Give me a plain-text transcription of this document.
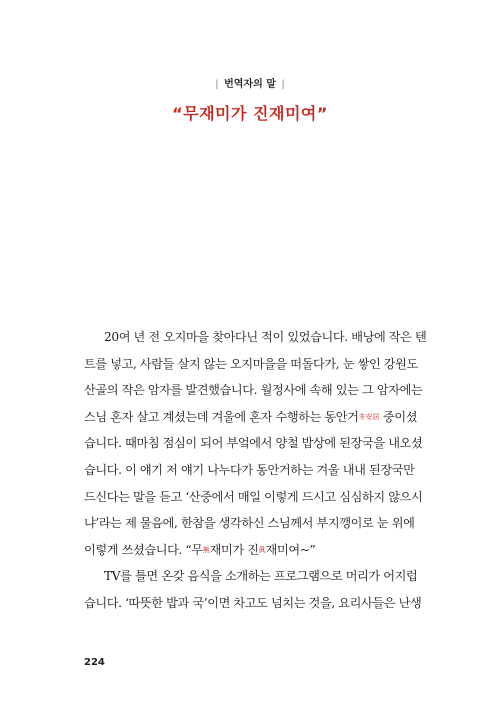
| 번역자의 말 |
“무재미가 진재미여”

20여 년 전 오지마을 찾아다닌 적이 있었습니다. 배낭에 작은 텐
트를 넣고, 사람들 살지 않는 오지마을을 떠돌다가, 눈 쌓인 강원도
산골의 작은 암자를 발견했습니다. 월정사에 속해 있는 그 암자에는
스님 혼자 살고 계셨는데 겨울에 혼자 수행하는 동안거冬安居 중이셨
습니다. 때마침 점심이 되어 부엌에서 양철 밥상에 된장국을 내오셨
습니다. 이 얘기 저 얘기 나누다가 동안거하는 겨울 내내 된장국만
드신다는 말을 듣고 ‘산중에서 매일 이렇게 드시고 심심하지 않으시
냐’라는 제 물음에, 한참을 생각하신 스님께서 부지깽이로 눈 위에
이렇게 쓰셨습니다. “무無재미가 진眞재미여~”

TV를 틀면 온갖 음식을 소개하는 프로그램으로 머리가 어지럽
습니다. ‘따뜻한 밥과 국’이면 차고도 넘치는 것을, 요리사들은 난생

224
